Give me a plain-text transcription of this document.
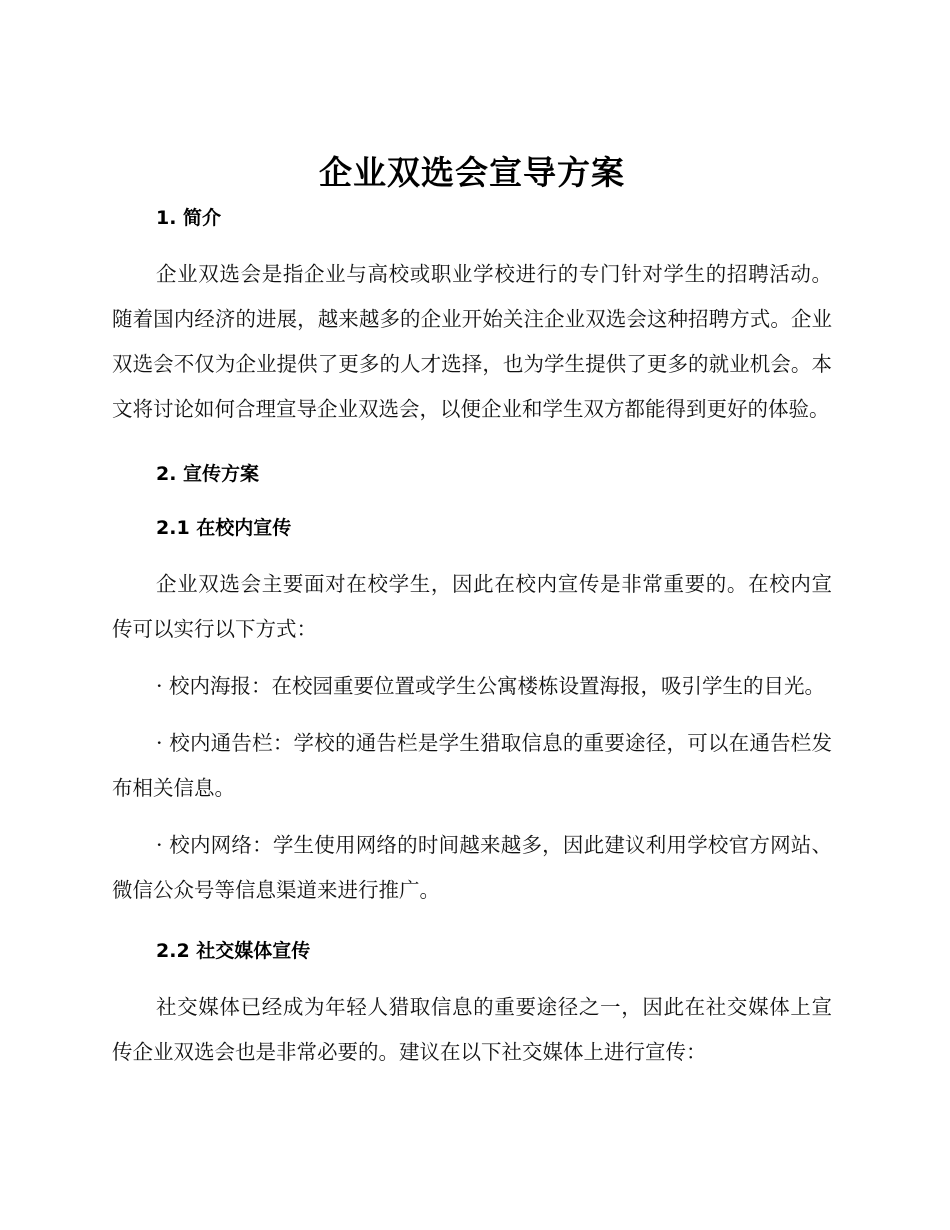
企业双选会宣导方案
1. 简介

企业双选会是指企业与高校或职业学校进行的专门针对学生的招聘活动。随着国内经济的进展，越来越多的企业开始关注企业双选会这种招聘方式。企业双选会不仅为企业提供了更多的人才选择，也为学生提供了更多的就业机会。本文将讨论如何合理宣导企业双选会，以便企业和学生双方都能得到更好的体验。

2. 宣传方案
2.1 在校内宣传

企业双选会主要面对在校学生，因此在校内宣传是非常重要的。在校内宣传可以实行以下方式：

· 校内海报：在校园重要位置或学生公寓楼栋设置海报，吸引学生的目光。

· 校内通告栏：学校的通告栏是学生猎取信息的重要途径，可以在通告栏发布相关信息。

· 校内网络：学生使用网络的时间越来越多，因此建议利用学校官方网站、微信公众号等信息渠道来进行推广。

2.2 社交媒体宣传

社交媒体已经成为年轻人猎取信息的重要途径之一，因此在社交媒体上宣传企业双选会也是非常必要的。建议在以下社交媒体上进行宣传：
